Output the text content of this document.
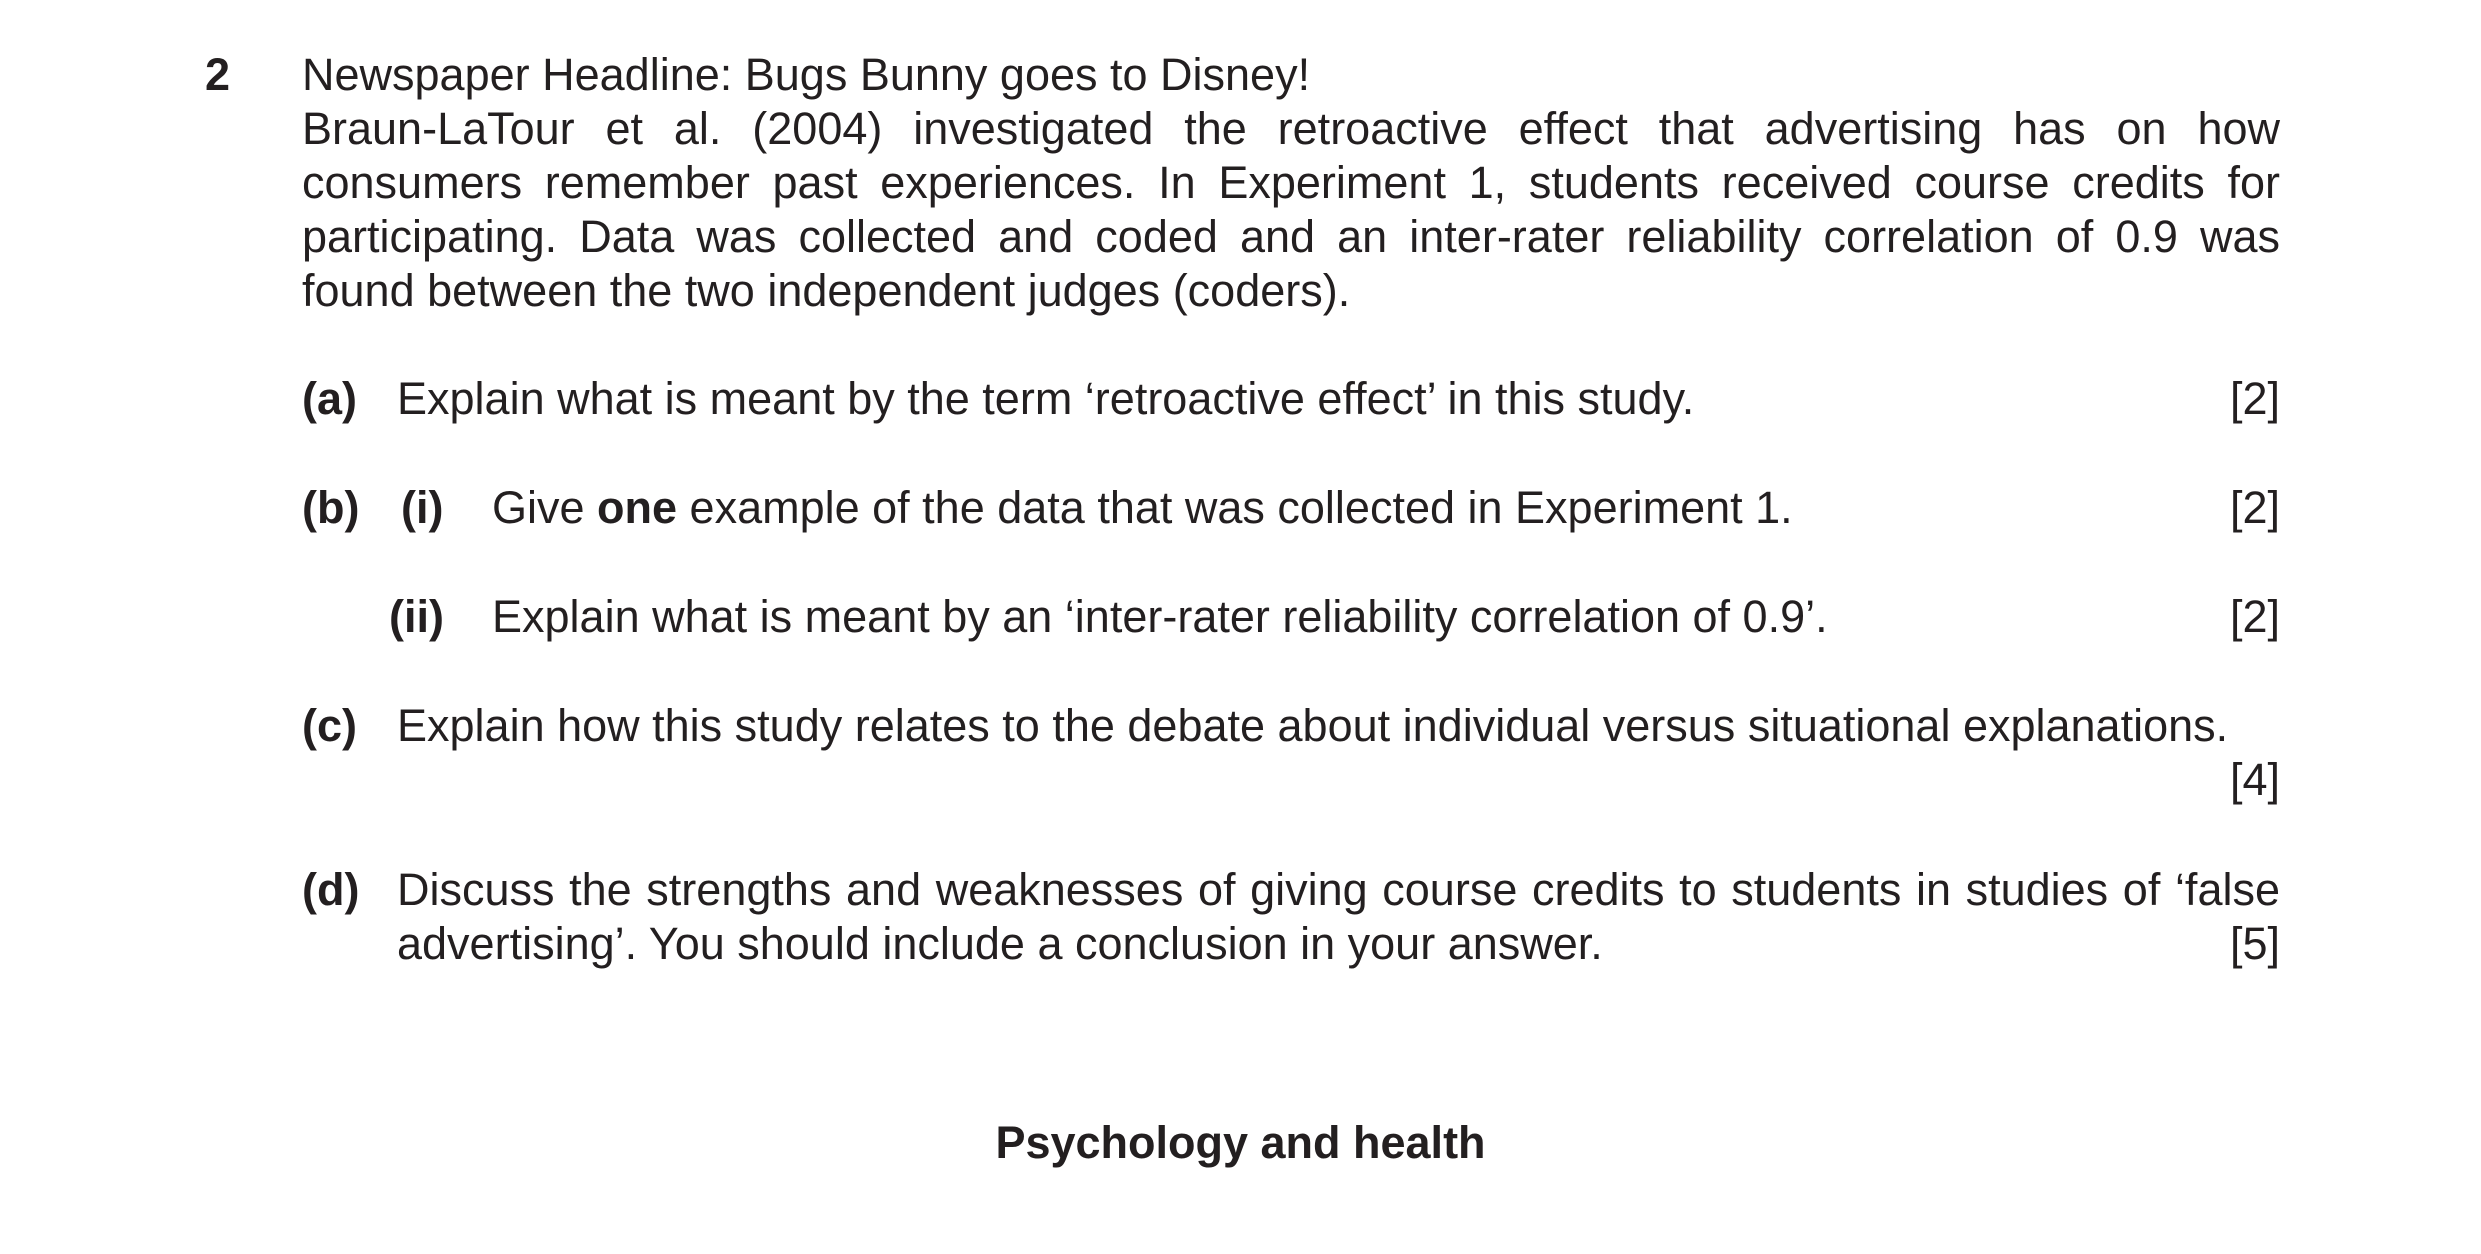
2 Newspaper Headline: Bugs Bunny goes to Disney!
Braun-LaTour et al. (2004) investigated the retroactive effect that advertising has on how consumers remember past experiences. In Experiment 1, students received course credits for participating. Data was collected and coded and an inter-rater reliability correlation of 0.9 was found between the two independent judges (coders).
(a) Explain what is meant by the term ‘retroactive effect’ in this study.	[2]
(b) (i) Give one example of the data that was collected in Experiment 1.	[2]
(ii) Explain what is meant by an ‘inter-rater reliability correlation of 0.9’.	[2]
(c) Explain how this study relates to the debate about individual versus situational explanations.
[4]
(d) Discuss the strengths and weaknesses of giving course credits to students in studies of ‘false
advertising’. You should include a conclusion in your answer.	[5]
Psychology and health
